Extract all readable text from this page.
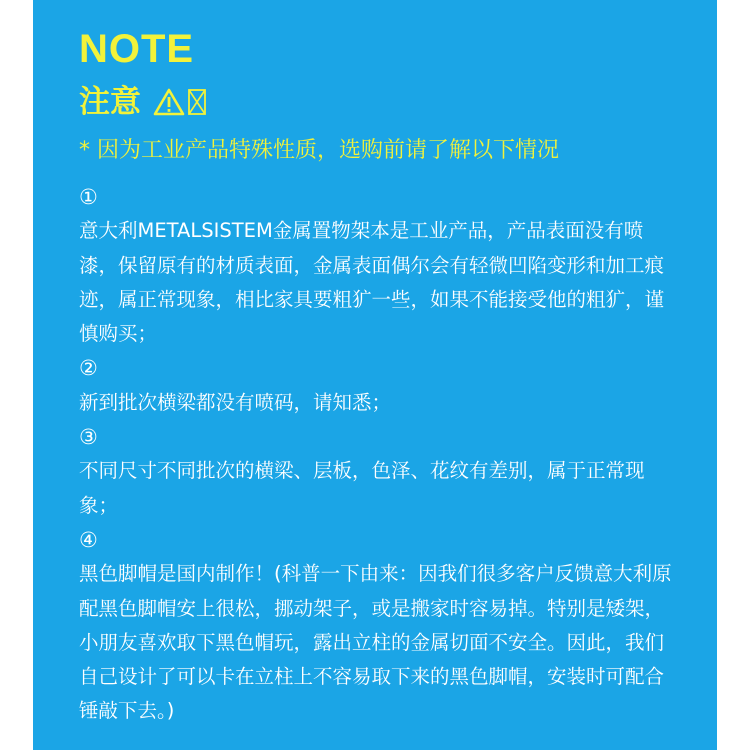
NOTE
注意

* 因为工业产品特殊性质，选购前请了解以下情况

①
意大利METALSISTEM金属置物架本是工业产品，产品表面没有喷漆，保留原有的材质表面，金属表面偶尔会有轻微凹陷变形和加工痕迹，属正常现象，相比家具要粗犷一些，如果不能接受他的粗犷，谨慎购买；

②
新到批次横梁都没有喷码，请知悉；

③
不同尺寸不同批次的横梁、层板，色泽、花纹有差别，属于正常现象；

④
黑色脚帽是国内制作！(科普一下由来：因我们很多客户反馈意大利原配黑色脚帽安上很松，挪动架子，或是搬家时容易掉。特别是矮架，小朋友喜欢取下黑色帽玩，露出立柱的金属切面不安全。因此，我们自己设计了可以卡在立柱上不容易取下来的黑色脚帽，安装时可配合锤敲下去。)
